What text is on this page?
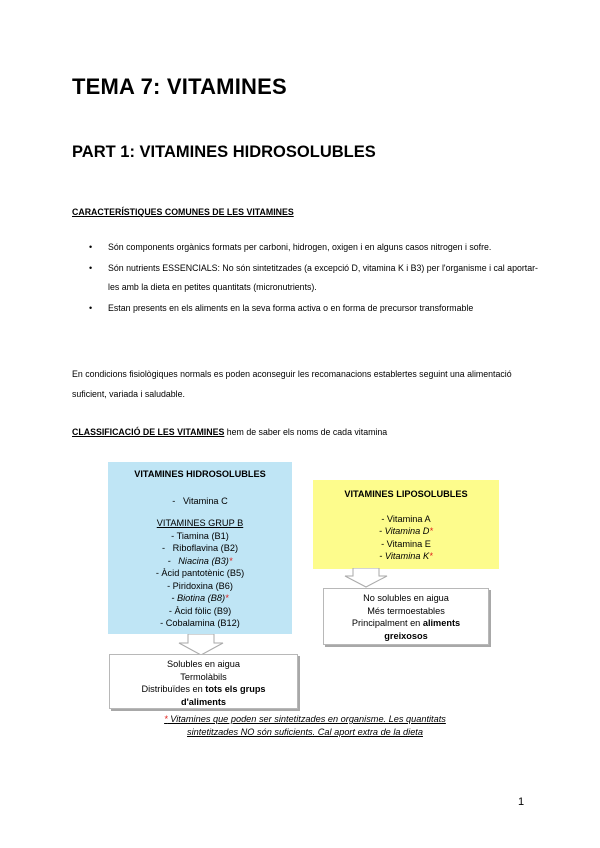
TEMA 7: VITAMINES
PART 1: VITAMINES HIDROSOLUBLES
CARACTERÍSTIQUES COMUNES DE LES VITAMINES
• Són components orgànics formats per carboni, hidrogen, oxigen i en alguns casos nitrogen i sofre.
• Són nutrients ESSENCIALS: No són sintetitzades (a excepció D, vitamina K i B3) per l'organisme i cal aportar-les amb la dieta en petites quantitats (micronutrients).
• Estan presents en els aliments en la seva forma activa o en forma de precursor transformable
En condicions fisiològiques normals es poden aconseguir les recomanacions establertes seguint una alimentació suficient, variada i saludable.
CLASSIFICACIÓ DE LES VITAMINES hem de saber els noms de cada vitamina
VITAMINES HIDROSOLUBLES
-   Vitamina C
VITAMINES GRUP B
- Tiamina (B1)
-   Riboflavina (B2)
-   Niacina (B3)*
- Àcid pantotènic (B5)
- Piridoxina (B6)
- Biotina (B8)*
- Àcid fòlic (B9)
- Cobalamina (B12)
VITAMINES LIPOSOLUBLES
- Vitamina A
- Vitamina D*
- Vitamina E
- Vitamina K*
No solubles en aigua
Més termoestables
Principalment en aliments
greixosos
Solubles en aigua
Termolàbils
Distribuïdes en tots els grups
d'aliments
* Vitamines que poden ser sintetitzades en organisme. Les quantitats
sintetitzades NO són suficients. Cal aport extra de la dieta
1
